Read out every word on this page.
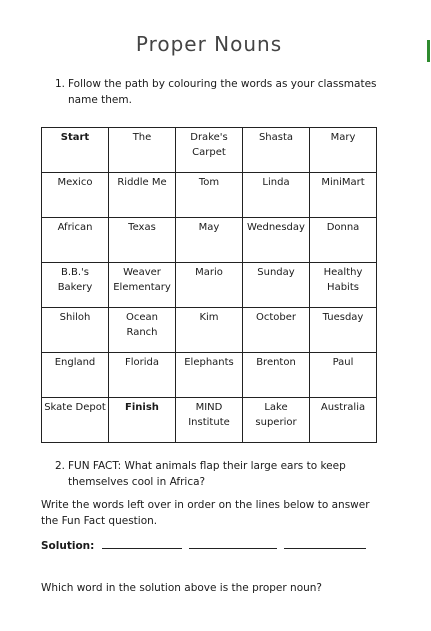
Proper Nouns
1. Follow the path by colouring the words as your classmates name them.
Start	The	Drake's Carpet	Shasta	Mary
Mexico	Riddle Me	Tom	Linda	MiniMart
African	Texas	May	Wednesday	Donna
B.B.'s Bakery	Weaver Elementary	Mario	Sunday	Healthy Habits
Shiloh	Ocean Ranch	Kim	October	Tuesday
England	Florida	Elephants	Brenton	Paul
Skate Depot	Finish	MIND Institute	Lake superior	Australia
2. FUN FACT: What animals flap their large ears to keep themselves cool in Africa?
Write the words left over in order on the lines below to answer the Fun Fact question.
Solution:
Which word in the solution above is the proper noun?
